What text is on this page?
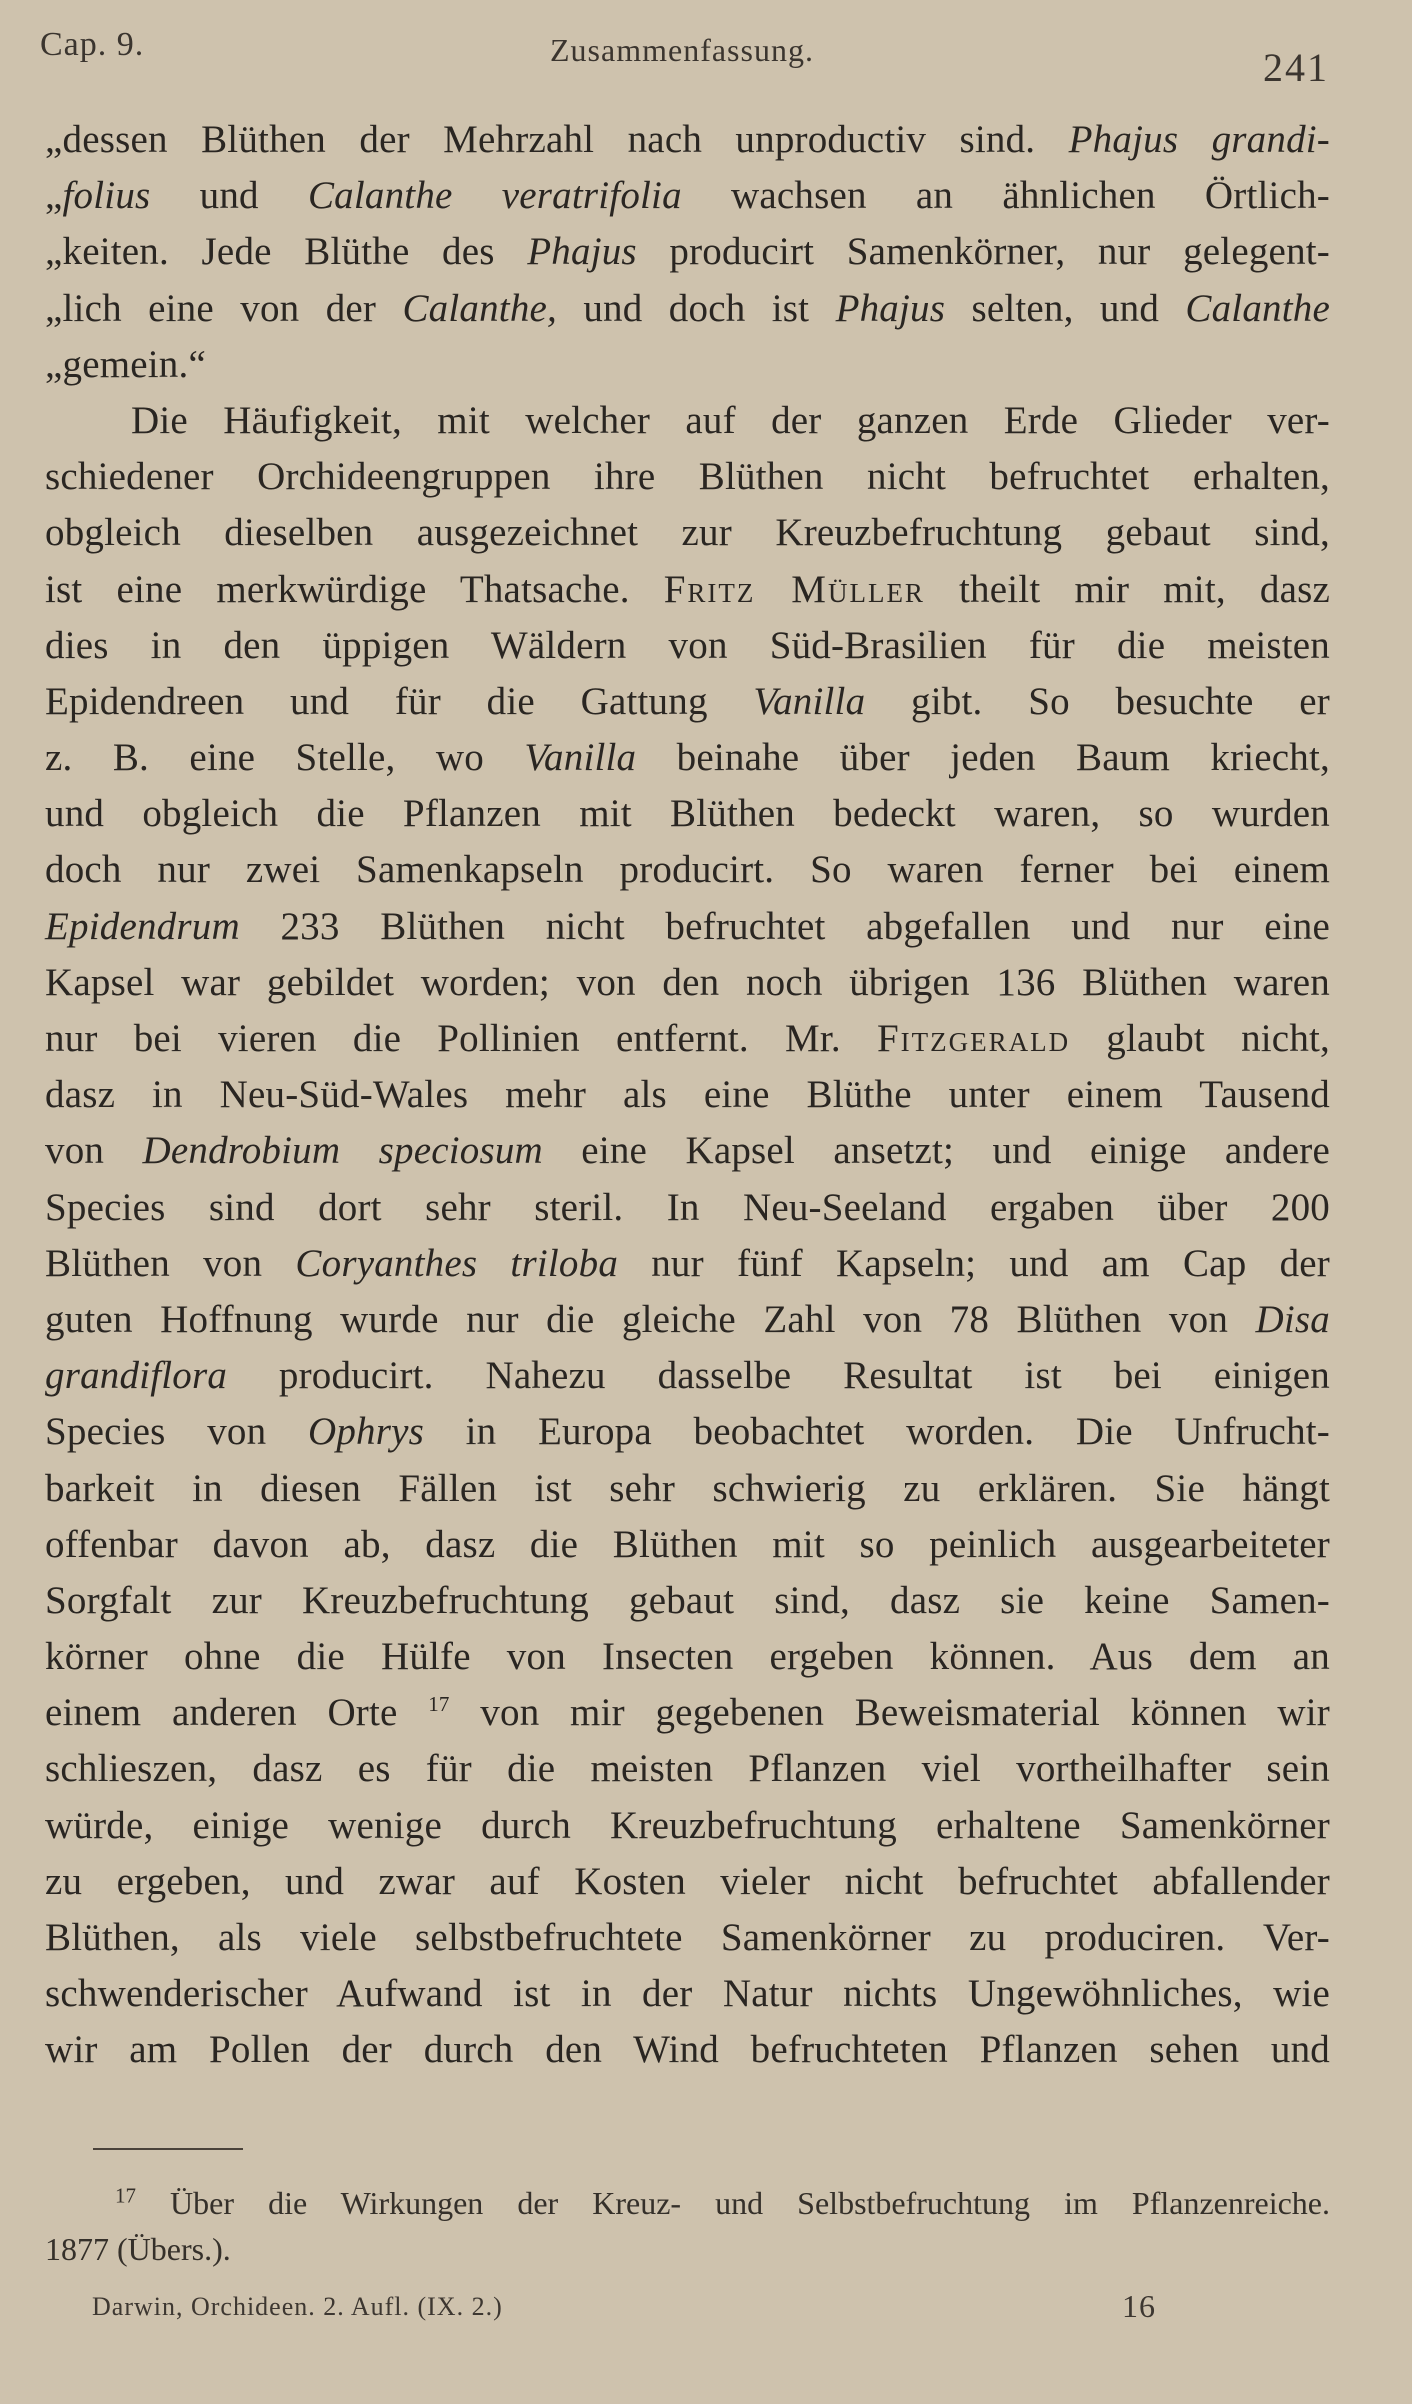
Cap. 9.	Zusammenfassung.	241
„dessen Blüthen der Mehrzahl nach unproductiv sind. Phajus grandi-
„folius und Calanthe veratrifolia wachsen an ähnlichen Örtlich-
„keiten. Jede Blüthe des Phajus producirt Samenkörner, nur gelegent-
„lich eine von der Calanthe, und doch ist Phajus selten, und Calanthe
„gemein.“
Die Häufigkeit, mit welcher auf der ganzen Erde Glieder ver-
schiedener Orchideengruppen ihre Blüthen nicht befruchtet erhalten,
obgleich dieselben ausgezeichnet zur Kreuzbefruchtung gebaut sind,
ist eine merkwürdige Thatsache. Fritz Müller theilt mir mit, dasz
dies in den üppigen Wäldern von Süd-Brasilien für die meisten
Epidendreen und für die Gattung Vanilla gibt. So besuchte er
z. B. eine Stelle, wo Vanilla beinahe über jeden Baum kriecht,
und obgleich die Pflanzen mit Blüthen bedeckt waren, so wurden
doch nur zwei Samenkapseln producirt. So waren ferner bei einem
Epidendrum 233 Blüthen nicht befruchtet abgefallen und nur eine
Kapsel war gebildet worden; von den noch übrigen 136 Blüthen waren
nur bei vieren die Pollinien entfernt. Mr. Fitzgerald glaubt nicht,
dasz in Neu-Süd-Wales mehr als eine Blüthe unter einem Tausend
von Dendrobium speciosum eine Kapsel ansetzt; und einige andere
Species sind dort sehr steril. In Neu-Seeland ergaben über 200
Blüthen von Coryanthes triloba nur fünf Kapseln; und am Cap der
guten Hoffnung wurde nur die gleiche Zahl von 78 Blüthen von Disa
grandiflora producirt. Nahezu dasselbe Resultat ist bei einigen
Species von Ophrys in Europa beobachtet worden. Die Unfrucht-
barkeit in diesen Fällen ist sehr schwierig zu erklären. Sie hängt
offenbar davon ab, dasz die Blüthen mit so peinlich ausgearbeiteter
Sorgfalt zur Kreuzbefruchtung gebaut sind, dasz sie keine Samen-
körner ohne die Hülfe von Insecten ergeben können. Aus dem an
einem anderen Orte $^{17}$ von mir gegebenen Beweismaterial können wir
schlieszen, dasz es für die meisten Pflanzen viel vortheilhafter sein
würde, einige wenige durch Kreuzbefruchtung erhaltene Samenkörner
zu ergeben, und zwar auf Kosten vieler nicht befruchtet abfallender
Blüthen, als viele selbstbefruchtete Samenkörner zu produciren. Ver-
schwenderischer Aufwand ist in der Natur nichts Ungewöhnliches, wie
wir am Pollen der durch den Wind befruchteten Pflanzen sehen und
$^{17}$ Über die Wirkungen der Kreuz- und Selbstbefruchtung im Pflanzenreiche.
1877 (Übers.).
Darwin, Orchideen. 2. Aufl. (IX. 2.)	16
